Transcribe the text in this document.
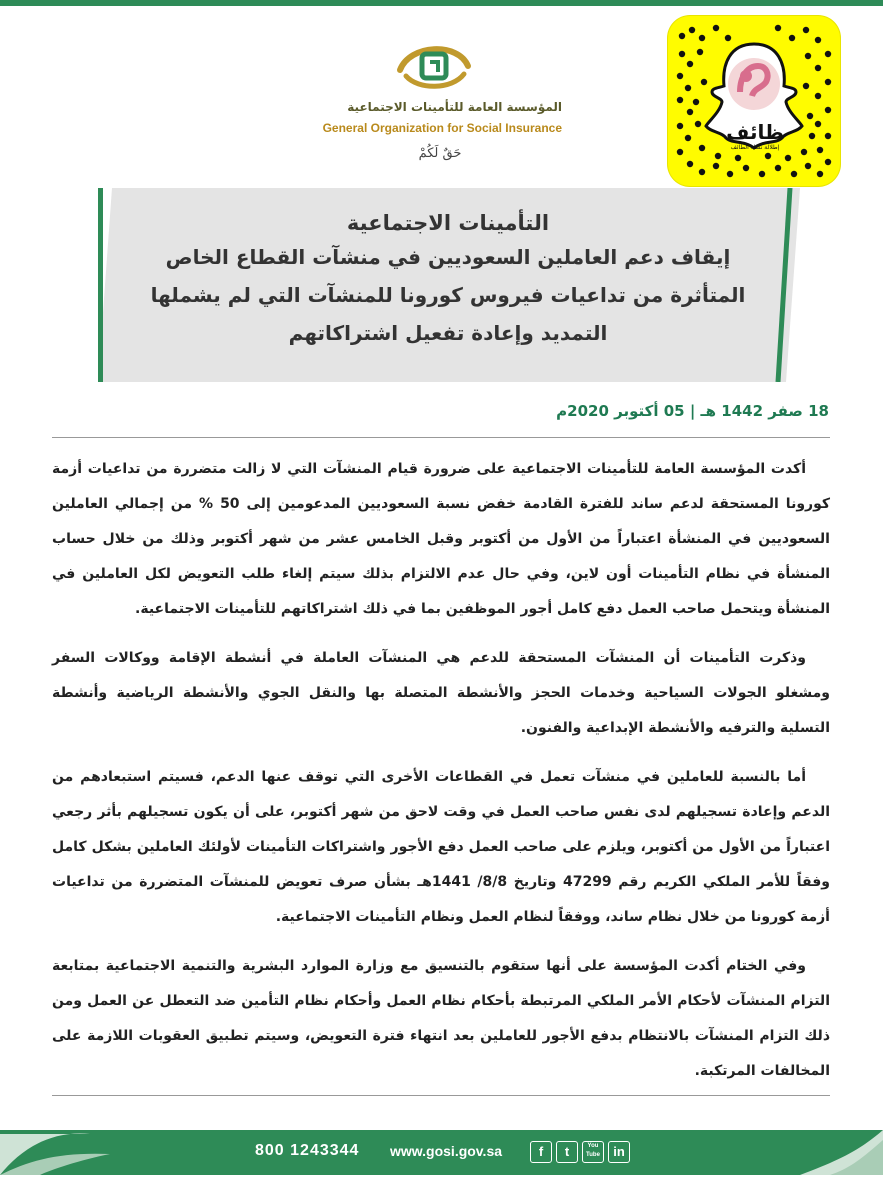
ظائف
إطلالة نساء الطائف
المؤسسة العامة للتأمينات الاجتماعية
General Organization for Social Insurance
حَقٌ لَكُمْ
التأمينات الاجتماعية
إيقاف دعم العاملين السعوديين في منشآت القطاع الخاص
المتأثرة من تداعيات فيروس كورونا للمنشآت التي لم يشملها
التمديد وإعادة تفعيل اشتراكاتهم
18 صفر 1442 هـ | 05 أكتوبر 2020م

أكدت المؤسسة العامة للتأمينات الاجتماعية على ضرورة قيام المنشآت التي لا زالت متضررة من تداعيات أزمة كورونا المستحقة لدعم ساند للفترة القادمة خفض نسبة السعوديين المدعومين إلى 50 % من إجمالي العاملين السعوديين في المنشأة اعتباراً من الأول من أكتوبر وقبل الخامس عشر من شهر أكتوبر وذلك من خلال حساب المنشأة في نظام التأمينات أون لاين، وفي حال عدم الالتزام بذلك سيتم إلغاء طلب التعويض لكل العاملين في المنشأة ويتحمل صاحب العمل دفع كامل أجور الموظفين بما في ذلك اشتراكاتهم للتأمينات الاجتماعية.

وذكرت التأمينات أن المنشآت المستحقة للدعم هي المنشآت العاملة في أنشطة الإقامة ووكالات السفر ومشغلو الجولات السياحية وخدمات الحجز والأنشطة المتصلة بها والنقل الجوي والأنشطة الرياضية وأنشطة التسلية والترفيه والأنشطة الإبداعية والفنون.

أما بالنسبة للعاملين في منشآت تعمل في القطاعات الأخرى التي توقف عنها الدعم، فسيتم استبعادهم من الدعم وإعادة تسجيلهم لدى نفس صاحب العمل في وقت لاحق من شهر أكتوبر، على أن يكون تسجيلهم بأثر رجعي اعتباراً من الأول من أكتوبر، ويلزم على صاحب العمل دفع الأجور واشتراكات التأمينات لأولئك العاملين بشكل كامل وفقاً للأمر الملكي الكريم رقم 47299 وتاريخ 8/8/ 1441هـ بشأن صرف تعويض للمنشآت المتضررة من تداعيات أزمة كورونا من خلال نظام ساند، ووفقاً لنظام العمل ونظام التأمينات الاجتماعية.

وفي الختام أكدت المؤسسة على أنها ستقوم بالتنسيق مع وزارة الموارد البشرية والتنمية الاجتماعية بمتابعة التزام المنشآت لأحكام الأمر الملكي المرتبطة بأحكام نظام العمل وأحكام نظام التأمين ضد التعطل عن العمل ومن ذلك التزام المنشآت بالانتظام بدفع الأجور للعاملين بعد انتهاء فترة التعويض، وسيتم تطبيق العقوبات اللازمة على المخالفات المرتكبة.

800 1243344 www.gosi.gov.sa	f	t	You Tube	in
